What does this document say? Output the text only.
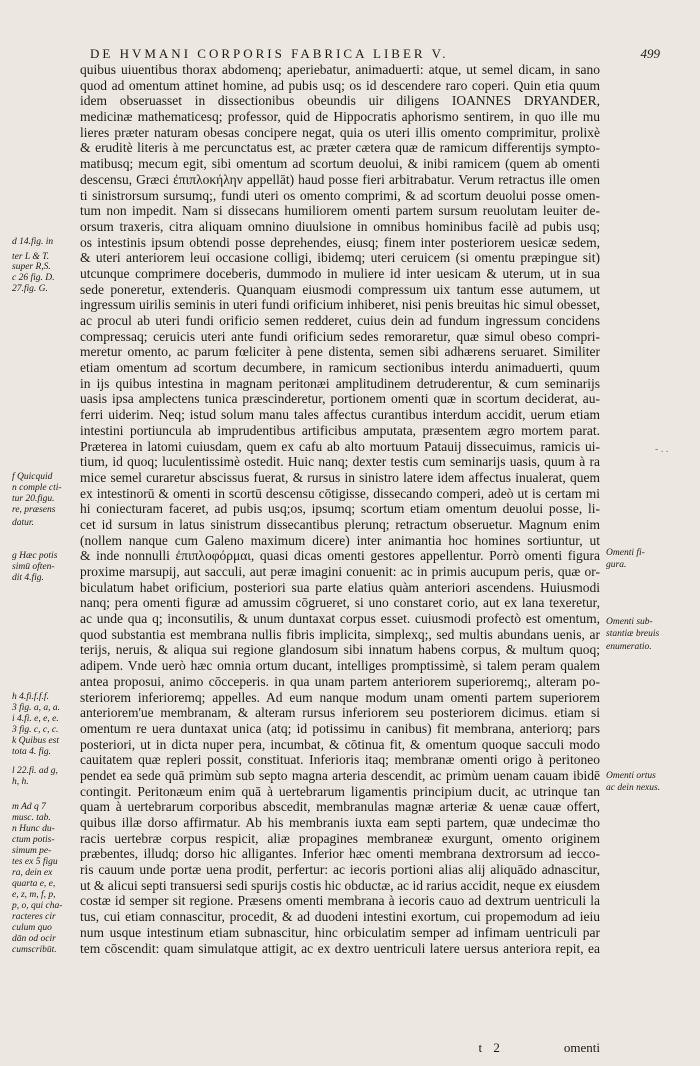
DE HVMANI CORPORIS FABRICA LIBER V.	499
quibus uiuentibus thorax abdomenq; aperiebatur, animaduerti: atque, ut semel dicam, in sano
quod ad omentum attinet homine, ad pubis usq; os id descendere raro coperi. Quin etia quum
idem obseruasset in dissectionibus obeundis uir diligens IOANNES DRYANDER,
medicinæ mathematicesq; professor, quid de Hippocratis aphorismo sentirem, in quo ille mu
lieres præter naturam obesas concipere negat, quia os uteri illis omento comprimitur, prolixè
& eruditè literis à me percunctatus est, ac præter cætera quæ de ramicum differentijs sympto-
matibusq; mecum egit, sibi omentum ad scortum deuolui, & inibi ramicem (quem ab omenti
descensu, Græci ἐπιπλοκήλην appellāt) haud posse fieri arbitrabatur. Verum retractus ille omen
ti sinistrorsum sursumq;, fundi uteri os omento comprimi, & ad scortum deuolui posse omen-
tum non impedit. Nam si dissecans humiliorem omenti partem sursum reuolutam leuiter de-
orsum traxeris, citra aliquam omnino diuulsione in omnibus hominibus facilè ad pubis usq;
os intestinis ipsum obtendi posse deprehendes, eiusq; finem inter posteriorem uesicæ sedem,
& uteri anteriorem leui occasione colligi, ibidemq; uteri ceruicem (si omentu præpingue sit)
utcunque comprimere doceberis, dummodo in muliere id inter uesicam & uterum, ut in sua
sede poneretur, extenderis. Quanquam eiusmodi compressum uix tantum esse autumem, ut
ingressum uirilis seminis in uteri fundi orificium inhiberet, nisi penis breuitas hic simul obesset,
ac procul ab uteri fundi orificio semen redderet, cuius dein ad fundum ingressum concidens
compressaq; ceruicis uteri ante fundi orificium sedes remoraretur, quæ simul obeso compri-
meretur omento, ac parum fœliciter à pene distenta, semen sibi adhærens seruaret. Similiter
etiam omentum ad scortum decumbere, in ramicum sectionibus interdu animaduerti, quum
in ijs quibus intestina in magnam peritonæi amplitudinem detruderentur, & cum seminarijs
uasis ipsa amplectens tunica præscinderetur, portionem omenti quæ in scortum deciderat, au-
ferri uiderim. Neq; istud solum manu tales affectus curantibus interdum accidit, uerum etiam
intestini portiuncula ab imprudentibus artificibus amputata, præsentem ægro mortem parat.
Præterea in latomi cuiusdam, quem ex cafu ab alto mortuum Patauij dissecuimus, ramicis ui-
tium, id quoq; luculentissimè ostedit. Huic nanq; dexter testis cum seminarijs uasis, quum à ra
mice semel curaretur abscissus fuerat, & rursus in sinistro latere idem affectus inualerat, quem
ex intestinorū & omenti in scortū descensu cōtigisse, dissecando comperi, adeò ut is certam mi
hi coniecturam faceret, ad pubis usq;os, ipsumq; scortum etiam omentum deuolui posse, li-
cet id sursum in latus sinistrum dissecantibus plerunq; retractum obseruetur. Magnum enim
(nollem nanque cum Galeno maximum dicere) inter animantia hoc homines sortiuntur, ut
& inde nonnulli ἐπιπλοφόρμαι, quasi dicas omenti gestores appellentur. Porrò omenti figura
proxime marsupij, aut sacculi, aut peræ imagini conuenit: ac in primis aucupum peris, quæ or-
biculatum habet orificium, posteriori sua parte elatius quàm anteriori ascendens. Huiusmodi
nanq; pera omenti figuræ ad amussim cōgrueret, si uno constaret corio, aut ex lana texeretur,
ac unde qua q; inconsutilis, & unum duntaxat corpus esset. cuiusmodi profectò est omentum,
quod substantia est membrana nullis fibris implicita, simplexq;, sed multis abundans uenis, ar
terijs, neruis, & aliqua sui regione glandosum sibi innatum habens corpus, & multum quoq;
adipem. Vnde uerò hæc omnia ortum ducant, intelliges promptissimè, si talem peram qualem
antea proposui, animo cōcceperis. in qua unam partem anteriorem superioremq;, alteram po-
steriorem inferioremq; appelles. Ad eum nanque modum unam omenti partem superiorem
anteriorem'ue membranam, & alteram rursus inferiorem seu posteriorem dicimus. etiam si
omentum re uera duntaxat unica (atq; id potissimu in canibus) fit membrana, anteriorq; pars
posteriori, ut in dicta nuper pera, incumbat, & cōtinua fit, & omentum quoque sacculi modo
cauitatem quæ repleri possit, constituat. Inferioris itaq; membranæ omenti origo à peritoneo
pendet ea sede quā primùm sub septo magna arteria descendit, ac primùm uenam cauam ibidē
contingit. Peritonæum enim quā à uertebrarum ligamentis principium ducit, ac utrinque tan
quam à uertebrarum corporibus abscedit, membranulas magnæ arteriæ & uenæ cauæ offert,
quibus illæ dorso affirmatur. Ab his membranis iuxta eam septi partem, quæ undecimæ tho
racis uertebræ corpus respicit, aliæ propagines membraneæ exurgunt, omento originem
præbentes, illudq; dorso hic alligantes. Inferior hæc omenti membrana dextrorsum ad iecco-
ris cauum unde portæ uena prodit, perfertur: ac iecoris portioni alias alij aliquādo adnascitur,
ut & alicui septi transuersi sedi spurijs costis hic obductæ, ac id rarius accidit, neque ex eiusdem
costæ id semper sit regione. Præsens omenti membrana à iecoris cauo ad dextrum uentriculi la
tus, cui etiam connascitur, procedit, & ad duodeni intestini exortum, cui propemodum ad ieiu
num usque intestinum etiam subnascitur, hinc orbiculatim semper ad infimam uentriculi par
tem cōscendit: quam simulatque attigit, ac ex dextro uentriculi latere uersus anteriora repit, ea
d 14.fig. in
ter L & T.
super R,S.
c 26 fig. D.
27.fig. G.
f Quicquid
n comple cti-
tur 20.figu.
re, præsens
datur.
g Hæc potis
simū often-
dit 4.fig.
h 4.fi.f.f.f.
3 fig. a, a, a.
i 4.fi. e, e, e.
3 fig. c, c, c.
k Quibus est
tota 4. fig.
l 22.fi. ad g,
h, h.
m Ad q 7
musc. tab.
n Hunc du-
ctum potis-
simum pe-
tes ex 5 figu
ra, dein ex
quarta e, e,
e, z, m, f, p,
p, o, qui cha-
racteres cir
culum quo
dān od ocir
cumscribūt.
Omenti fi-
gura.
Omenti sub-
stantiæ breuis
enumeratio.
Omenti ortus
ac dein nexus.
- . .
t 2	omenti
